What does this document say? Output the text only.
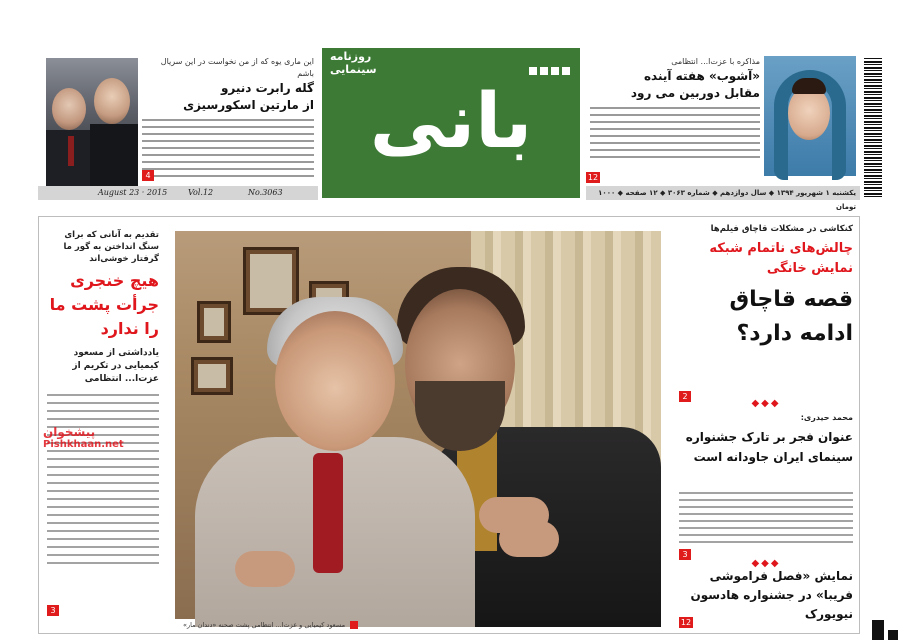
این ماری یوه که از من نخواست در این سریال باشم
گله رابرت دنیرو
از مارتین اسکورسیزی
4
August 23 · 2015	Vol.12	No.3063
روزنامه سینمایی
بانی
مذاکره با عزت‌ا... انتظامی
«آشوب» هفته آینده
مقابل دوربین می رود
12
یکشنبه ۱ شهریور ۱۳۹۴ ◆ سال دوازدهم ◆ شماره ۳۰۶۳ ◆ ۱۲ صفحه ◆ ۱۰۰۰ تومان
تقدیم به آنانی که برای سنگ انداختن به گور ما گرفتار خوشی‌اند
هیچ خنجری جرأت پشت ما را ندارد
یادداشتی از مسعود کیمیایی در تکریم از عزت‌ا... انتظامی
پیشخوان
Pishkhaan.net
3
مسعود کیمیایی و عزت‌ا... انتظامی پشت صحنه «دندان مار»
کنکاشی در مشکلات قاچاق فیلم‌ها
چالش‌های ناتمام شبکه نمایش خانگی
قصه قاچاق ادامه دارد؟
2
◆◆◆
محمد حیدری:
عنوان فجر بر تارک جشنواره سینمای ایران جاودانه است
3
◆◆◆
نمایش «فصل فراموشی فریبا» در جشنواره هادسون نیویورک
12
